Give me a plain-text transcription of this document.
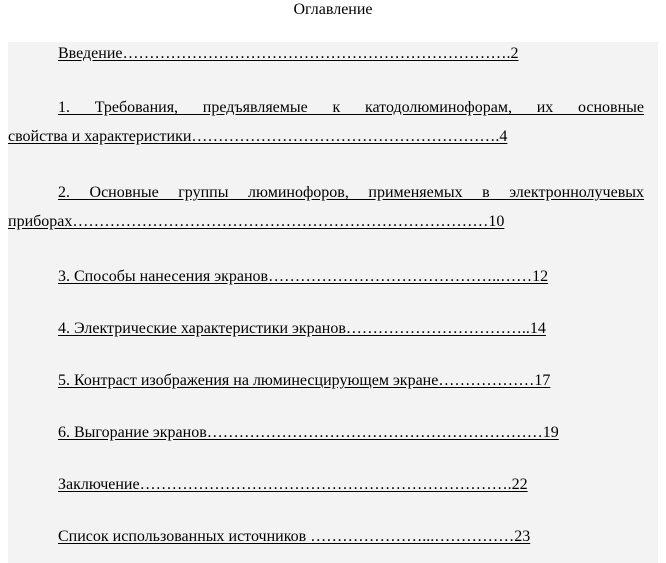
Оглавление
Введение……………………………………………………………….2
1. Требования, предъявляемые к катодолюминофорам, их основные
свойства и характеристики………………………………………………….4
2. Основные группы люминофоров, применяемых в электроннолучевых
приборах……………………………………………………………………10
3. Способы нанесения экранов……………………………………..……12
4. Электрические характеристики экранов……………………………..14
5. Контраст изображения на люминесцирующем экране………………17
6. Выгорание экранов………………………………………………………19
Заключение…………………………………………………………….22
Список использованных источников …………………...……………23
